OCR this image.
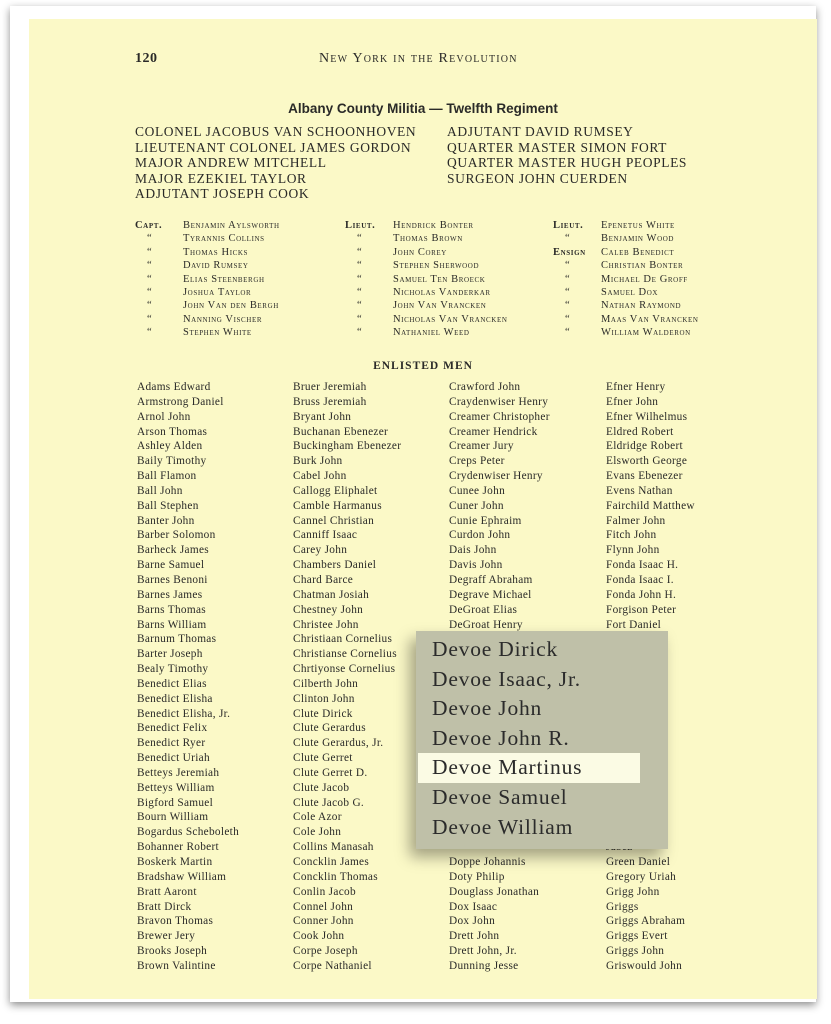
120	New York in the Revolution
Albany County Militia — Twelfth Regiment
COLONEL JACOBUS VAN SCHOONHOVEN
LIEUTENANT COLONEL JAMES GORDON
MAJOR ANDREW MITCHELL
MAJOR EZEKIEL TAYLOR
ADJUTANT JOSEPH COOK
ADJUTANT DAVID RUMSEY
QUARTER MASTER SIMON FORT
QUARTER MASTER HUGH PEOPLES
SURGEON JOHN CUERDEN
Capt.	Benjamin Aylsworth
“	Tyrannis Collins
“	Thomas Hicks
“	David Rumsey
“	Elias Steenbergh
“	Joshua Taylor
“	John Van den Bergh
“	Nanning Vischer
“	Stephen White
Lieut.	Hendrick Bonter
“	Thomas Brown
“	John Corey
“	Stephen Sherwood
“	Samuel Ten Broeck
“	Nicholas Vanderkar
“	John Van Vrancken
“	Nicholas Van Vrancken
“	Nathaniel Weed
Lieut.	Epenetus White
“	Benjamin Wood
Ensign	Caleb Benedict
“	Christian Bonter
“	Michael De Groff
“	Samuel Dox
“	Nathan Raymond
“	Maas Van Vrancken
“	William Walderon
ENLISTED MEN
Adams Edward
Armstrong Daniel
Arnol John
Arson Thomas
Ashley Alden
Baily Timothy
Ball Flamon
Ball John
Ball Stephen
Banter John
Barber Solomon
Barheck James
Barne Samuel
Barnes Benoni
Barnes James
Barns Thomas
Barns William
Barnum Thomas
Barter Joseph
Bealy Timothy
Benedict Elias
Benedict Elisha
Benedict Elisha, Jr.
Benedict Felix
Benedict Ryer
Benedict Uriah
Betteys Jeremiah
Betteys William
Bigford Samuel
Bourn William
Bogardus Scheboleth
Bohanner Robert
Boskerk Martin
Bradshaw William
Bratt Aaront
Bratt Dirck
Bravon Thomas
Brewer Jery
Brooks Joseph
Brown Valintine
Bruer Jeremiah
Bruss Jeremiah
Bryant John
Buchanan Ebenezer
Buckingham Ebenezer
Burk John
Cabel John
Callogg Eliphalet
Camble Harmanus
Cannel Christian
Canniff Isaac
Carey John
Chambers Daniel
Chard Barce
Chatman Josiah
Chestney John
Christee John
Christiaan Cornelius
Christianse Cornelius
Chrtiyonse Cornelius
Cilberth John
Clinton John
Clute Dirick
Clute Gerardus
Clute Gerardus, Jr.
Clute Gerret
Clute Gerret D.
Clute Jacob
Clute Jacob G.
Cole Azor
Cole John
Collins Manasah
Concklin James
Concklin Thomas
Conlin Jacob
Connel John
Conner John
Cook John
Corpe Joseph
Corpe Nathaniel
Crawford John
Craydenwiser Henry
Creamer Christopher
Creamer Hendrick
Creamer Jury
Creps Peter
Crydenwiser Henry
Cunee John
Cuner John
Cunie Ephraim
Curdon John
Dais John
Davis John
Degraff Abraham
Degrave Michael
DeGroat Elias
DeGroat Henry

Doppe Johannis
Doty Philip
Douglass Jonathan
Dox Isaac
Dox John
Drett John
Drett John, Jr.
Dunning Jesse
Efner Henry
Efner John
Efner Wilhelmus
Eldred Robert
Eldridge Robert
Elsworth George
Evans Ebenezer
Evens Nathan
Fairchild Matthew
Falmer John
Fitch John
Flynn John
Fonda Isaac H.
Fonda Isaac I.
Fonda John H.
Forgison Peter
Fort Daniel
Green Daniel
Gregory Uriah
Grigg John
Griggs
Griggs Abraham
Griggs Evert
Griggs John
Griswould John
Devoe Dirick
Devoe Isaac, Jr.
Devoe John
Devoe John R.
Devoe Martinus
Devoe Samuel
Devoe William
